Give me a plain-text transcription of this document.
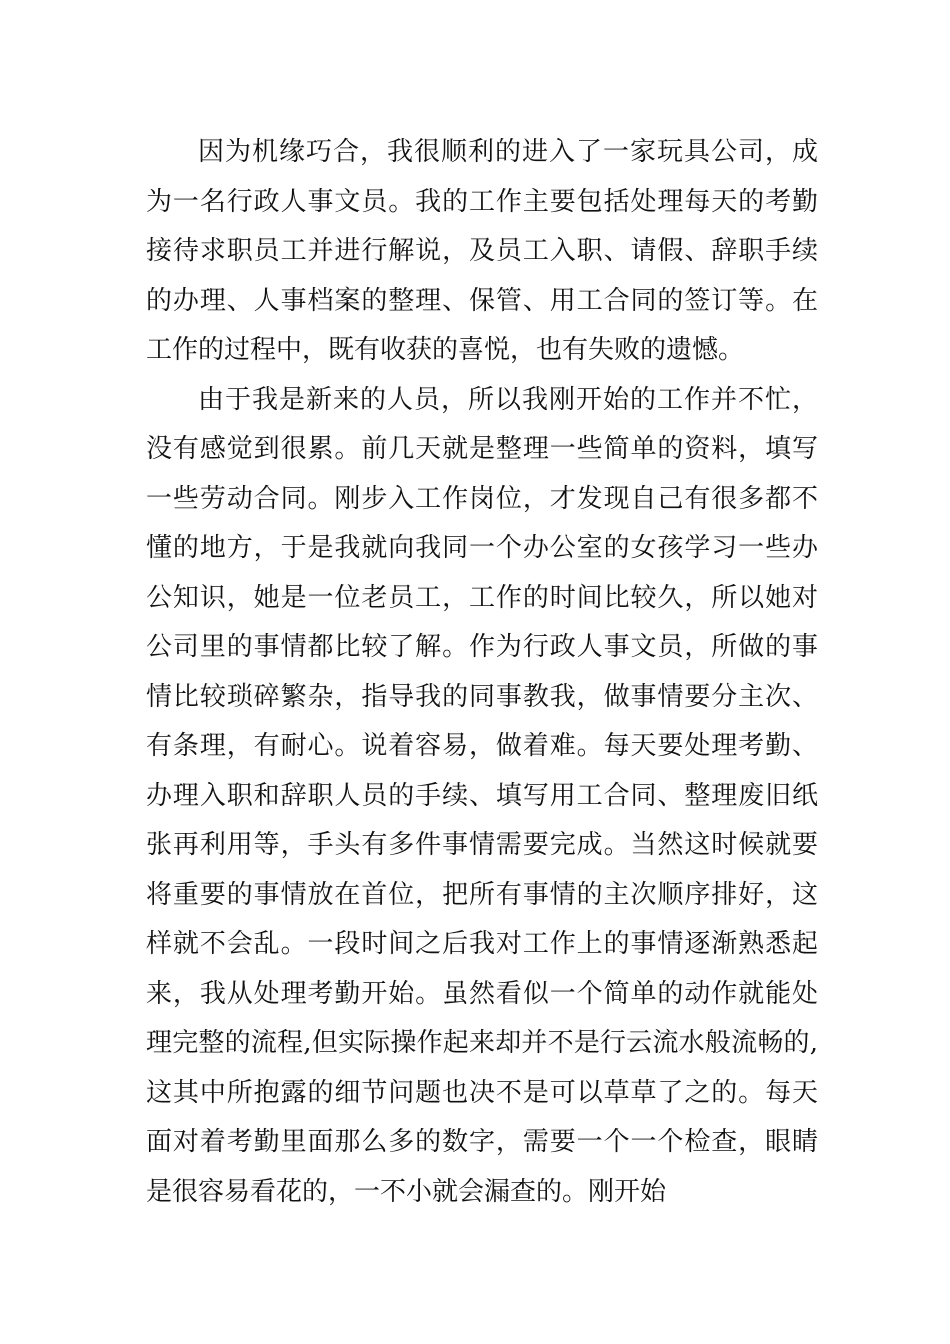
因为机缘巧合，我很顺利的进入了一家玩具公司，成
为一名行政人事文员。我的工作主要包括处理每天的考勤
接待求职员工并进行解说，及员工入职、请假、辞职手续
的办理、人事档案的整理、保管、用工合同的签订等。在
工作的过程中，既有收获的喜悦，也有失败的遗憾。
由于我是新来的人员，所以我刚开始的工作并不忙，
没有感觉到很累。前几天就是整理一些简单的资料，填写
一些劳动合同。刚步入工作岗位，才发现自己有很多都不
懂的地方，于是我就向我同一个办公室的女孩学习一些办
公知识，她是一位老员工，工作的时间比较久，所以她对
公司里的事情都比较了解。作为行政人事文员，所做的事
情比较琐碎繁杂，指导我的同事教我，做事情要分主次、
有条理，有耐心。说着容易，做着难。每天要处理考勤、
办理入职和辞职人员的手续、填写用工合同、整理废旧纸
张再利用等，手头有多件事情需要完成。当然这时候就要
将重要的事情放在首位，把所有事情的主次顺序排好，这
样就不会乱。一段时间之后我对工作上的事情逐渐熟悉起
来，我从处理考勤开始。虽然看似一个简单的动作就能处
理完整的流程,但实际操作起来却并不是行云流水般流畅的,
这其中所抱露的细节问题也决不是可以草草了之的。每天
面对着考勤里面那么多的数字，需要一个一个检查，眼睛
是很容易看花的，一不小就会漏查的。刚开始
